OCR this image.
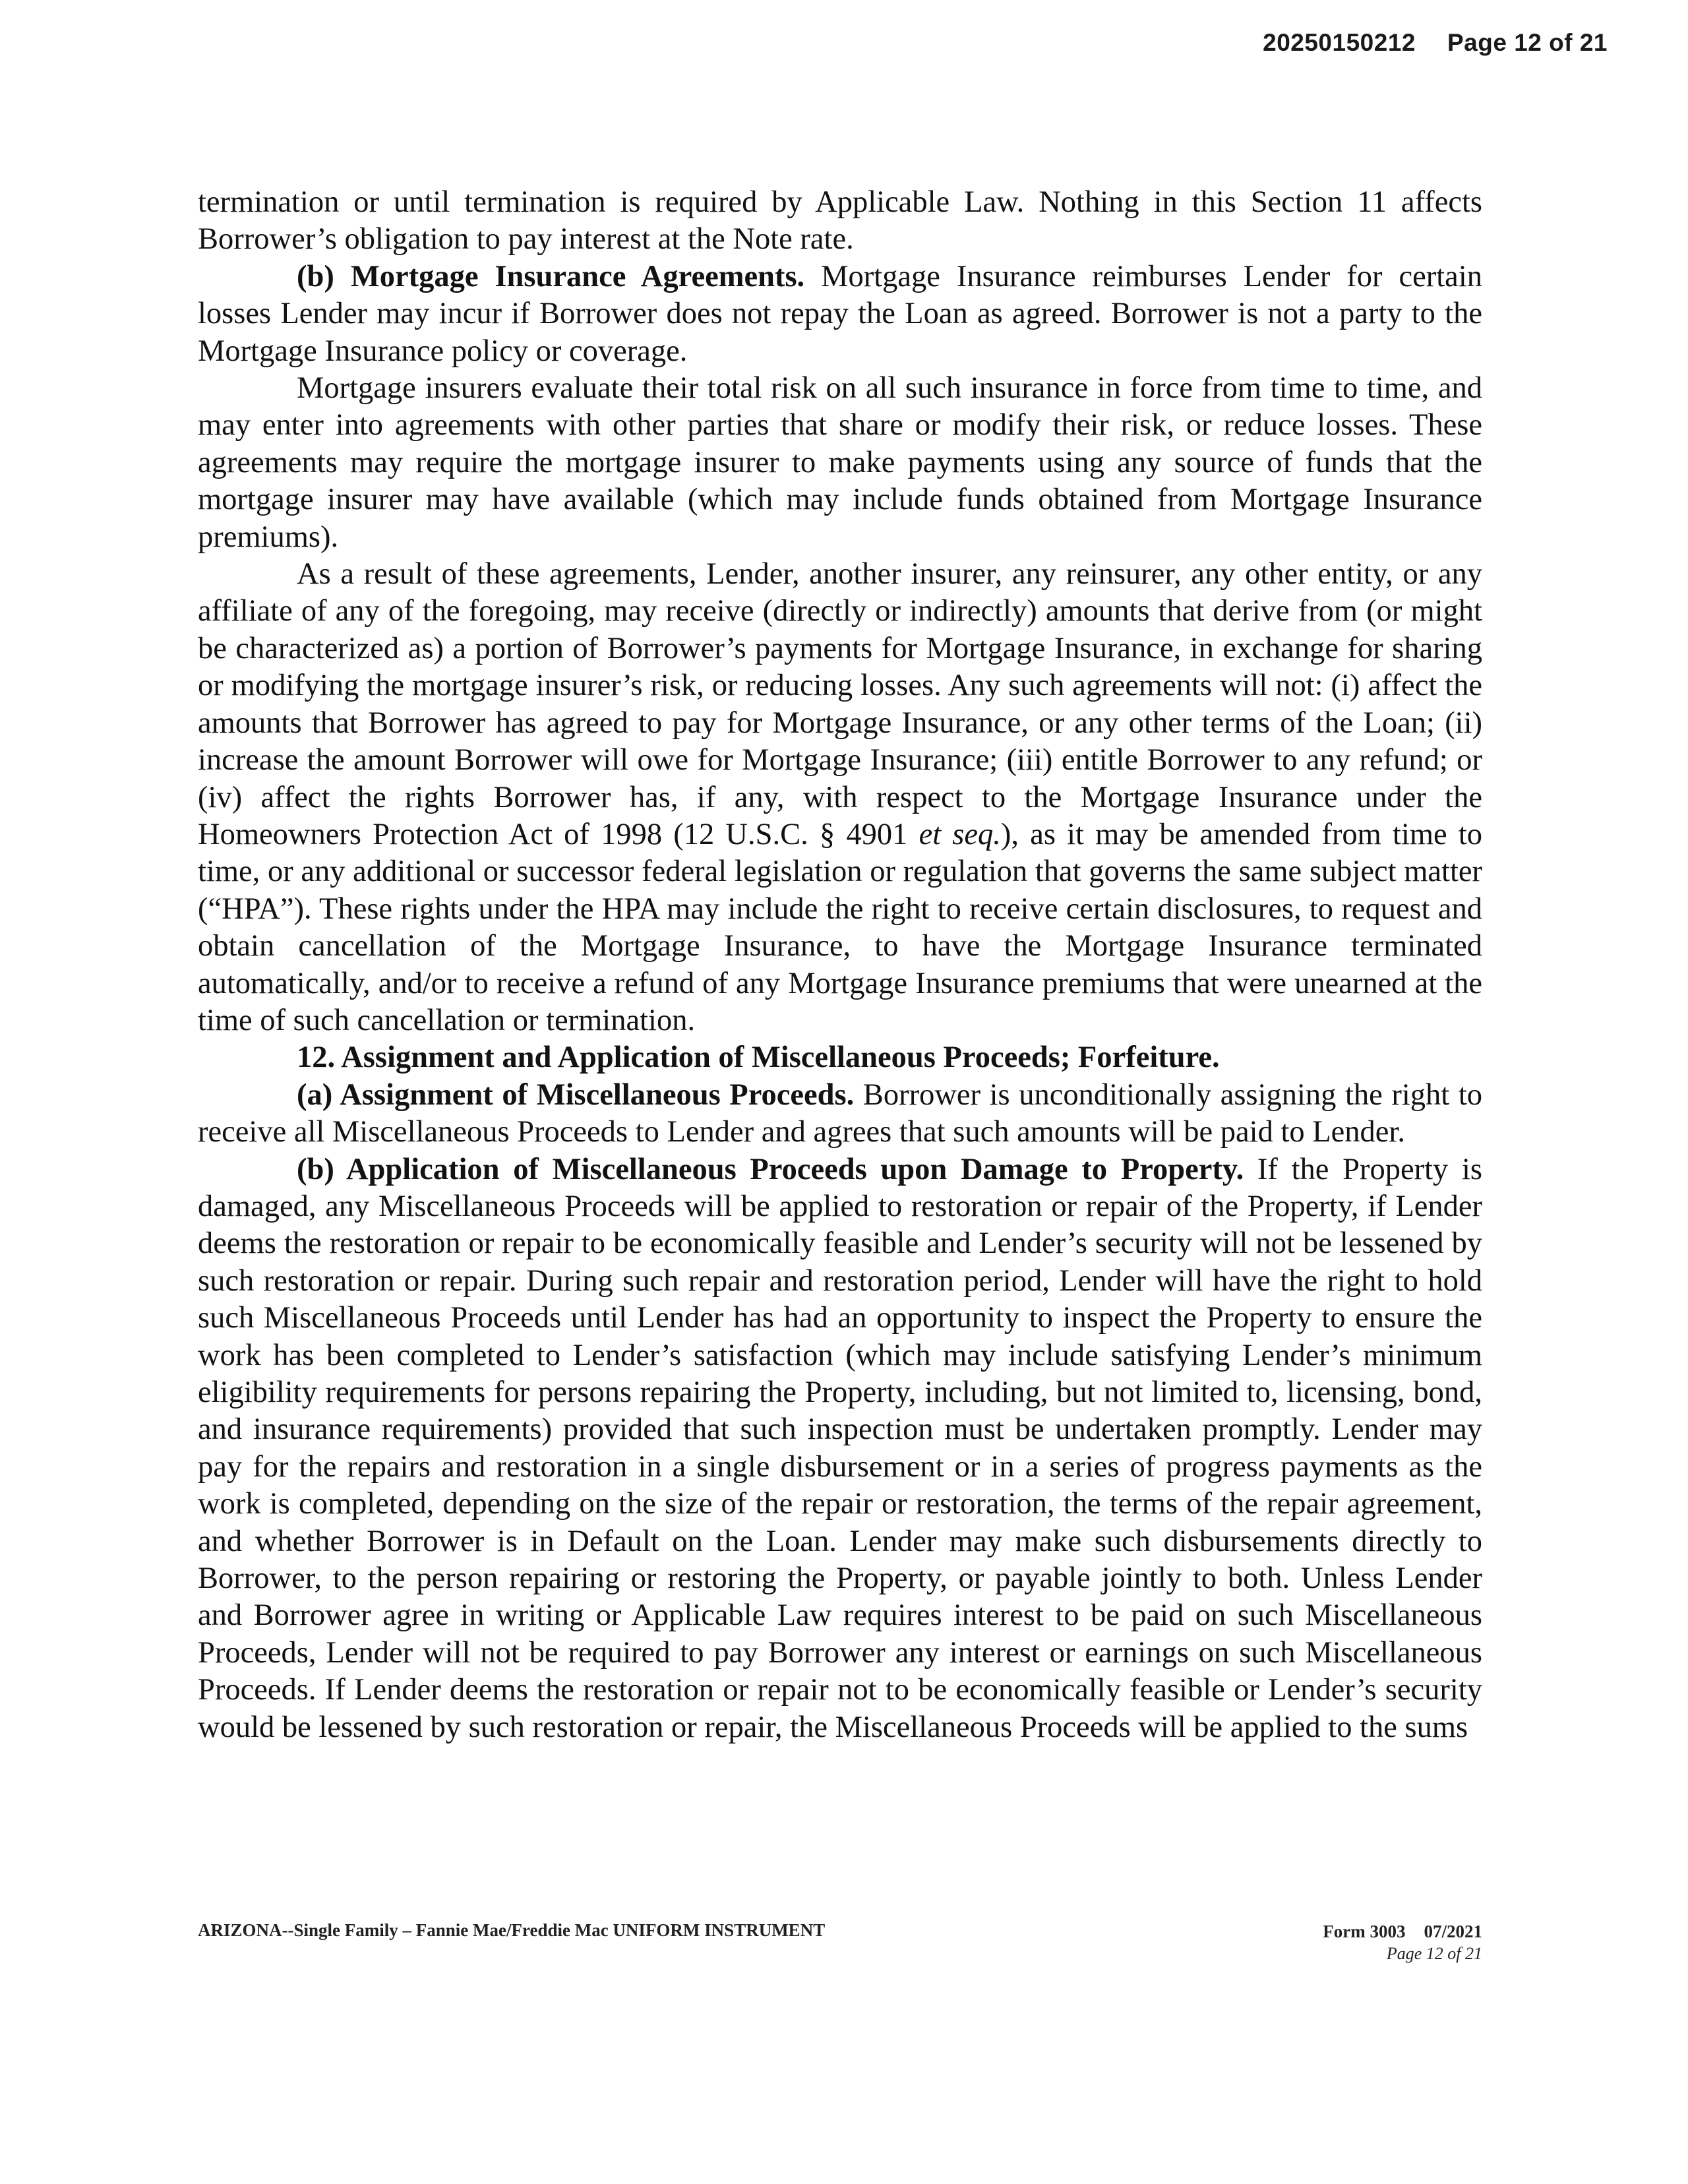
20250150212 Page 12 of 21

termination or until termination is required by Applicable Law. Nothing in this Section 11 affects Borrower’s obligation to pay interest at the Note rate.

(b) Mortgage Insurance Agreements. Mortgage Insurance reimburses Lender for certain losses Lender may incur if Borrower does not repay the Loan as agreed. Borrower is not a party to the Mortgage Insurance policy or coverage.

Mortgage insurers evaluate their total risk on all such insurance in force from time to time, and may enter into agreements with other parties that share or modify their risk, or reduce losses. These agreements may require the mortgage insurer to make payments using any source of funds that the mortgage insurer may have available (which may include funds obtained from Mortgage Insurance premiums).

As a result of these agreements, Lender, another insurer, any reinsurer, any other entity, or any affiliate of any of the foregoing, may receive (directly or indirectly) amounts that derive from (or might be characterized as) a portion of Borrower’s payments for Mortgage Insurance, in exchange for sharing or modifying the mortgage insurer’s risk, or reducing losses. Any such agreements will not: (i) affect the amounts that Borrower has agreed to pay for Mortgage Insurance, or any other terms of the Loan; (ii) increase the amount Borrower will owe for Mortgage Insurance; (iii) entitle Borrower to any refund; or (iv) affect the rights Borrower has, if any, with respect to the Mortgage Insurance under the Homeowners Protection Act of 1998 (12 U.S.C. § 4901 et seq.), as it may be amended from time to time, or any additional or successor federal legislation or regulation that governs the same subject matter (“HPA”). These rights under the HPA may include the right to receive certain disclosures, to request and obtain cancellation of the Mortgage Insurance, to have the Mortgage Insurance terminated automatically, and/or to receive a refund of any Mortgage Insurance premiums that were unearned at the time of such cancellation or termination.

12. Assignment and Application of Miscellaneous Proceeds; Forfeiture.

(a) Assignment of Miscellaneous Proceeds. Borrower is unconditionally assigning the right to receive all Miscellaneous Proceeds to Lender and agrees that such amounts will be paid to Lender.

(b) Application of Miscellaneous Proceeds upon Damage to Property. If the Property is damaged, any Miscellaneous Proceeds will be applied to restoration or repair of the Property, if Lender deems the restoration or repair to be economically feasible and Lender’s security will not be lessened by such restoration or repair. During such repair and restoration period, Lender will have the right to hold such Miscellaneous Proceeds until Lender has had an opportunity to inspect the Property to ensure the work has been completed to Lender’s satisfaction (which may include satisfying Lender’s minimum eligibility requirements for persons repairing the Property, including, but not limited to, licensing, bond, and insurance requirements) provided that such inspection must be undertaken promptly. Lender may pay for the repairs and restoration in a single disbursement or in a series of progress payments as the work is completed, depending on the size of the repair or restoration, the terms of the repair agreement, and whether Borrower is in Default on the Loan. Lender may make such disbursements directly to Borrower, to the person repairing or restoring the Property, or payable jointly to both. Unless Lender and Borrower agree in writing or Applicable Law requires interest to be paid on such Miscellaneous Proceeds, Lender will not be required to pay Borrower any interest or earnings on such Miscellaneous Proceeds. If Lender deems the restoration or repair not to be economically feasible or Lender’s security would be lessened by such restoration or repair, the Miscellaneous Proceeds will be applied to the sums

ARIZONA--Single Family – Fannie Mae/Freddie Mac UNIFORM INSTRUMENT	Form 3003 07/2021
Page 12 of 21
